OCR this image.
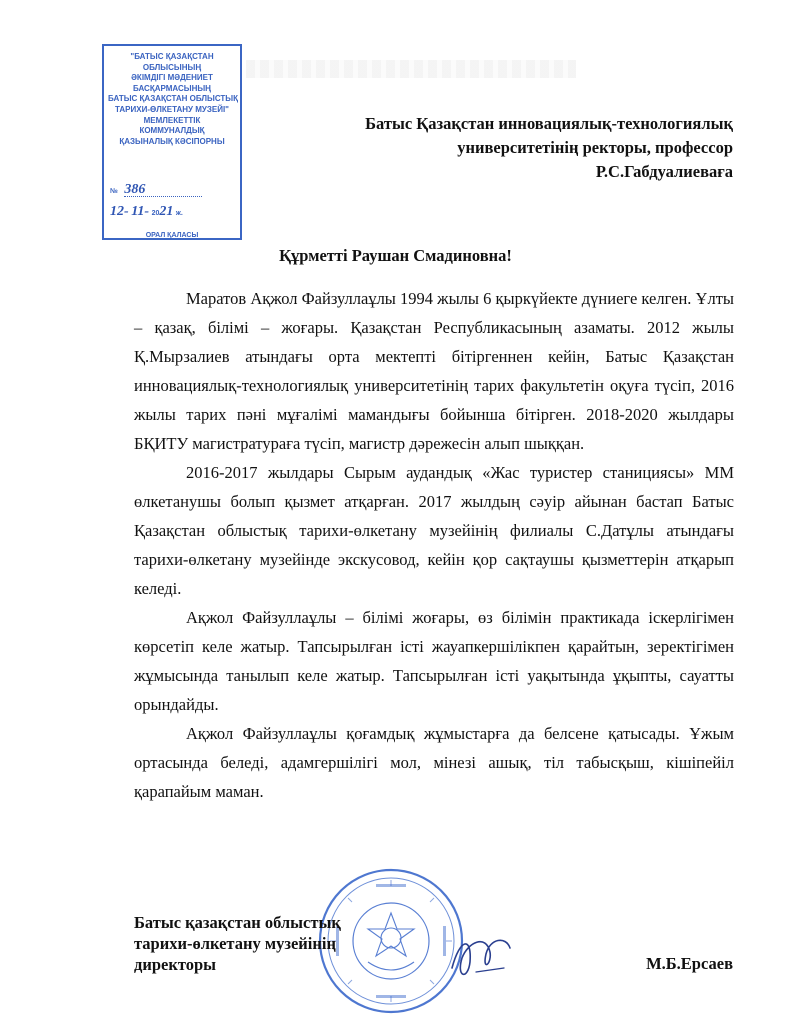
"БАТЫС ҚАЗАҚСТАН
ОБЛЫСЫНЫҢ
ӘКІМДІГІ МӘДЕНИЕТ
БАСҚАРМАСЫНЫҢ
БАТЫС ҚАЗАҚСТАН ОБЛЫСТЫҚ
ТАРИХИ-ӨЛКЕТАНУ МУЗЕЙІ"
МЕМЛЕКЕТТІК
КОММУНАЛДЫҚ
ҚАЗЫНАЛЫҚ КӘСІПОРНЫ
№ 386
12- 11- 2021 ж.
ОРАЛ ҚАЛАСЫ
Батыс Қазақстан инновациялық-технологиялық
университетінің ректоры, профессор
Р.С.Габдуалиеваға
Құрметті Раушан Смадиновна!

Маратов Ақжол Файзуллаұлы 1994 жылы 6 қыркүйекте дүниеге келген. Ұлты – қазақ, білімі – жоғары. Қазақстан Республикасының азаматы. 2012 жылы Қ.Мырзалиев атындағы орта мектепті бітіргеннен кейін, Батыс Қазақстан инновациялық-технологиялық университетінің тарих факультетін оқуға түсіп, 2016 жылы тарих пәні мұғалімі мамандығы бойынша бітірген. 2018-2020 жылдары БҚИТУ магистратураға түсіп, магистр дәрежесін алып шыққан.

2016-2017 жылдары Сырым аудандық «Жас туристер станициясы» ММ өлкетанушы болып қызмет атқарған. 2017 жылдың сәуір айынан бастап Батыс Қазақстан облыстық тарихи-өлкетану музейінің филиалы С.Датұлы атындағы тарихи-өлкетану музейінде экскусовод, кейін қор сақтаушы қызметтерін атқарып келеді.

Ақжол Файзуллаұлы – білімі жоғары, өз білімін практикада іскерлігімен көрсетіп келе жатыр. Тапсырылған істі жауапкершілікпен қарайтын, зеректігімен жұмысында танылып келе жатыр. Тапсырылған істі уақытында ұқыпты, сауатты орындайды.

Ақжол Файзуллаұлы қоғамдық жұмыстарға да белсене қатысады. Ұжым ортасында беледі, адамгершілігі мол, мінезі ашық, тіл табысқыш, кішіпейіл қарапайым маман.

Батыс қазақстан облыстық
тарихи-өлкетану музейінің
директоры	М.Б.Ерсаев
